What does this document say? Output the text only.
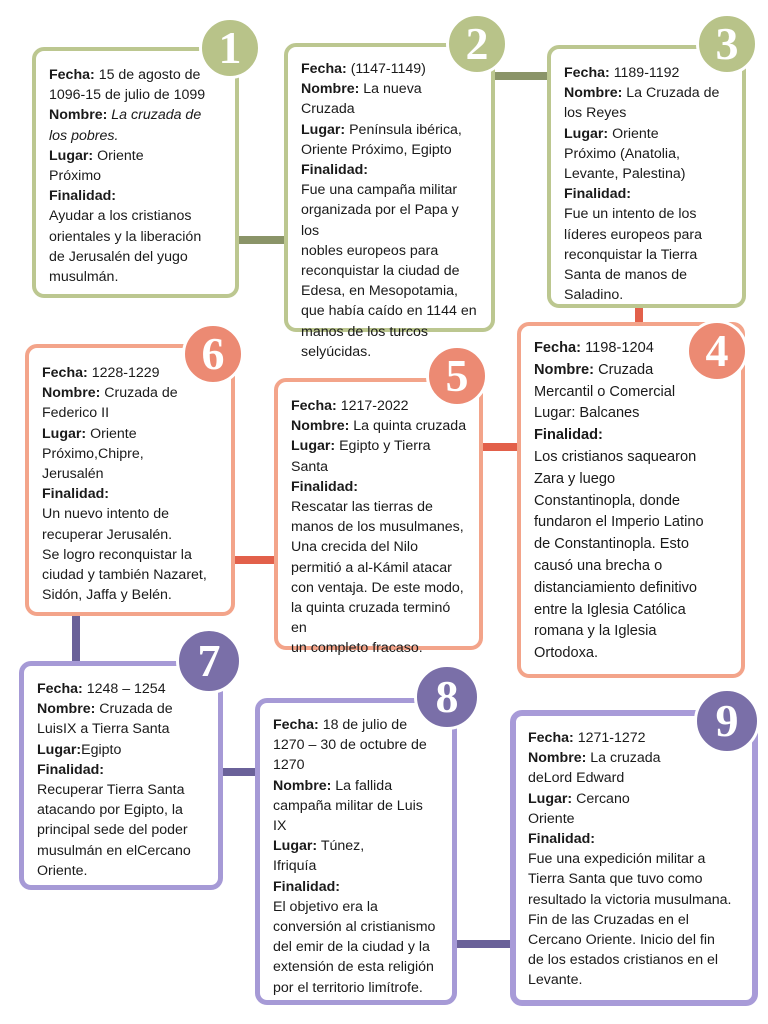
Fecha: 15 de agosto de
1096-15 de julio de 1099
Nombre: La cruzada de
los pobres.
Lugar: Oriente
Próximo
Finalidad:
Ayudar a los cristianos
orientales y la liberación
de Jerusalén del yugo
musulmán.
1	Fecha: (1147-1149)
Nombre: La nueva Cruzada
Lugar: Península ibérica,
Oriente Próximo, Egipto
Finalidad:
Fue una campaña militar
organizada por el Papa y los
nobles europeos para
reconquistar la ciudad de
Edesa, en Mesopotamia,
que había caído en 1144 en
manos de los turcos
selyúcidas.
2
Fecha: 1189-1192
Nombre: La Cruzada de
los Reyes
Lugar: Oriente
Próximo (Anatolia,
Levante, Palestina)
Finalidad:
Fue un intento de los
líderes europeos para
reconquistar la Tierra
Santa de manos de
Saladino.
3
Fecha: 1198-1204
Nombre: Cruzada
Mercantil o Comercial
Lugar: Balcanes
Finalidad:
Los cristianos saquearon
Zara y luego
Constantinopla, donde
fundaron el Imperio Latino
de Constantinopla. Esto
causó una brecha o
distanciamiento definitivo
entre la Iglesia Católica
romana y la Iglesia
Ortodoxa.
4
Fecha: 1217-2022
Nombre: La quinta cruzada
Lugar: Egipto y Tierra
Santa
Finalidad:
Rescatar las tierras de
manos de los musulmanes,
Una crecida del Nilo
permitió a al-Kámil atacar
con ventaja. De este modo,
la quinta cruzada terminó en
un completo fracaso.
5
Fecha: 1228-1229
Nombre: Cruzada de
Federico II
Lugar: Oriente
Próximo,Chipre,
Jerusalén
Finalidad:
Un nuevo intento de
recuperar Jerusalén.
Se logro reconquistar la
ciudad y también Nazaret,
Sidón, Jaffa y Belén.
6
Fecha: 1248 – 1254
Nombre: Cruzada de
LuisIX a Tierra Santa
Lugar:Egipto
Finalidad:
Recuperar Tierra Santa
atacando por Egipto, la
principal sede del poder
musulmán en elCercano
Oriente.
7
Fecha: 18 de julio de
1270 – 30 de octubre de
1270
Nombre: La fallida
campaña militar de Luis
IX
Lugar: Túnez,
Ifriquía
Finalidad:
El objetivo era la
conversión al cristianismo
del emir de la ciudad y la
extensión de esta religión
por el territorio limítrofe.
8
Fecha: 1271-1272
Nombre: La cruzada
deLord Edward
Lugar: Cercano
Oriente
Finalidad:
Fue una expedición militar a
Tierra Santa que tuvo como
resultado la victoria musulmana.
Fin de las Cruzadas en el
Cercano Oriente. Inicio del fin
de los estados cristianos en el
Levante.
9
